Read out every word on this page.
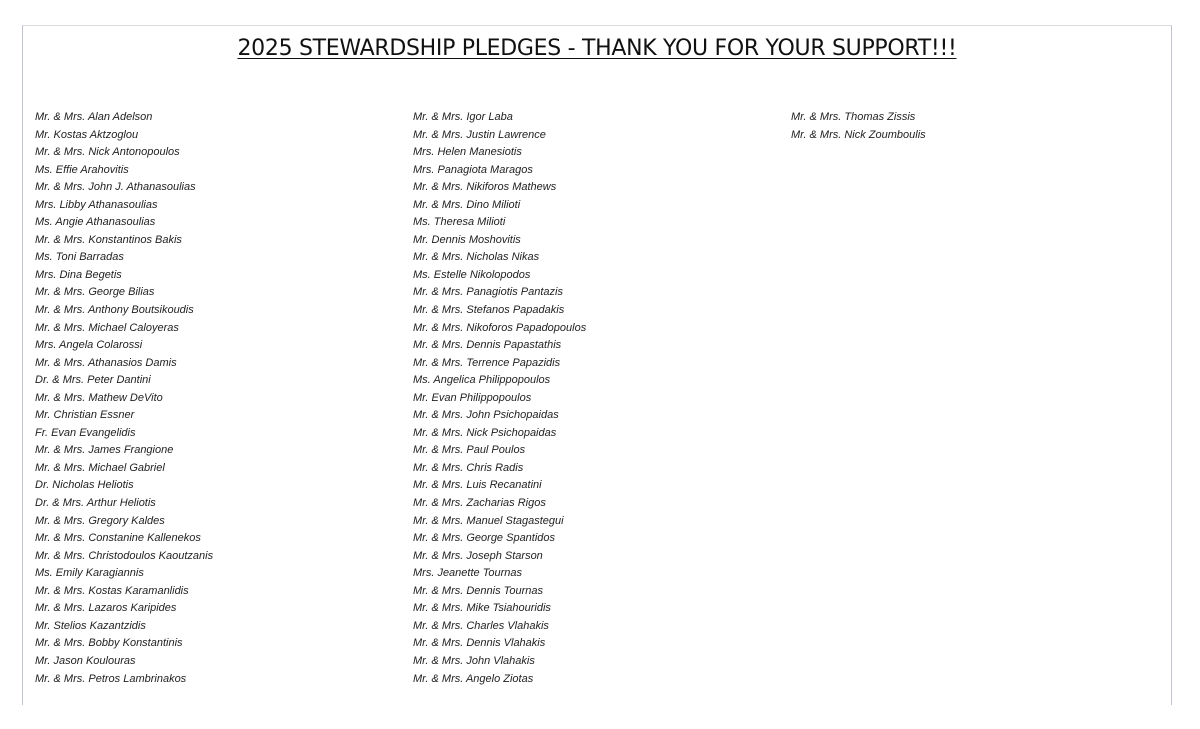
2025 STEWARDSHIP PLEDGES - THANK YOU FOR YOUR SUPPORT!!!
Mr. & Mrs. Alan Adelson
Mr. Kostas Aktzoglou
Mr. & Mrs. Nick Antonopoulos
Ms. Effie Arahovitis
Mr. & Mrs. John J. Athanasoulias
Mrs. Libby Athanasoulias
Ms. Angie Athanasoulias
Mr. & Mrs. Konstantinos Bakis
Ms. Toni Barradas
Mrs. Dina Begetis
Mr. & Mrs. George Bilias
Mr. & Mrs. Anthony Boutsikoudis
Mr. & Mrs. Michael Caloyeras
Mrs. Angela Colarossi
Mr. & Mrs. Athanasios Damis
Dr. & Mrs. Peter Dantini
Mr. & Mrs. Mathew DeVito
Mr. Christian Essner
Fr. Evan Evangelidis
Mr. & Mrs. James Frangione
Mr. & Mrs. Michael Gabriel
Dr. Nicholas Heliotis
Dr. & Mrs. Arthur Heliotis
Mr. & Mrs. Gregory Kaldes
Mr. & Mrs. Constanine Kallenekos
Mr. & Mrs. Christodoulos Kaoutzanis
Ms. Emily Karagiannis
Mr. & Mrs. Kostas Karamanlidis
Mr. & Mrs. Lazaros Karipides
Mr. Stelios Kazantzidis
Mr. & Mrs. Bobby Konstantinis
Mr. Jason Koulouras
Mr. & Mrs. Petros Lambrinakos
Mr. & Mrs. Igor Laba
Mr. & Mrs. Justin Lawrence
Mrs. Helen Manesiotis
Mrs. Panagiota Maragos
Mr. & Mrs. Nikiforos Mathews
Mr. & Mrs. Dino Milioti
Ms. Theresa Milioti
Mr. Dennis Moshovitis
Mr. & Mrs. Nicholas Nikas
Ms. Estelle Nikolopodos
Mr. & Mrs. Panagiotis Pantazis
Mr. & Mrs. Stefanos Papadakis
Mr. & Mrs. Nikoforos Papadopoulos
Mr. & Mrs. Dennis Papastathis
Mr. & Mrs. Terrence Papazidis
Ms. Angelica Philippopoulos
Mr. Evan Philippopoulos
Mr. & Mrs. John Psichopaidas
Mr. & Mrs. Nick Psichopaidas
Mr. & Mrs. Paul Poulos
Mr. & Mrs. Chris Radis
Mr. & Mrs. Luis Recanatini
Mr. & Mrs. Zacharias Rigos
Mr. & Mrs. Manuel Stagastegui
Mr. & Mrs. George Spantidos
Mr. & Mrs. Joseph Starson
Mrs. Jeanette Tournas
Mr. & Mrs. Dennis Tournas
Mr. & Mrs. Mike Tsiahouridis
Mr. & Mrs. Charles Vlahakis
Mr. & Mrs. Dennis Vlahakis
Mr. & Mrs. John Vlahakis
Mr. & Mrs. Angelo Ziotas
Mr. & Mrs. Thomas Zissis
Mr. & Mrs. Nick Zoumboulis
